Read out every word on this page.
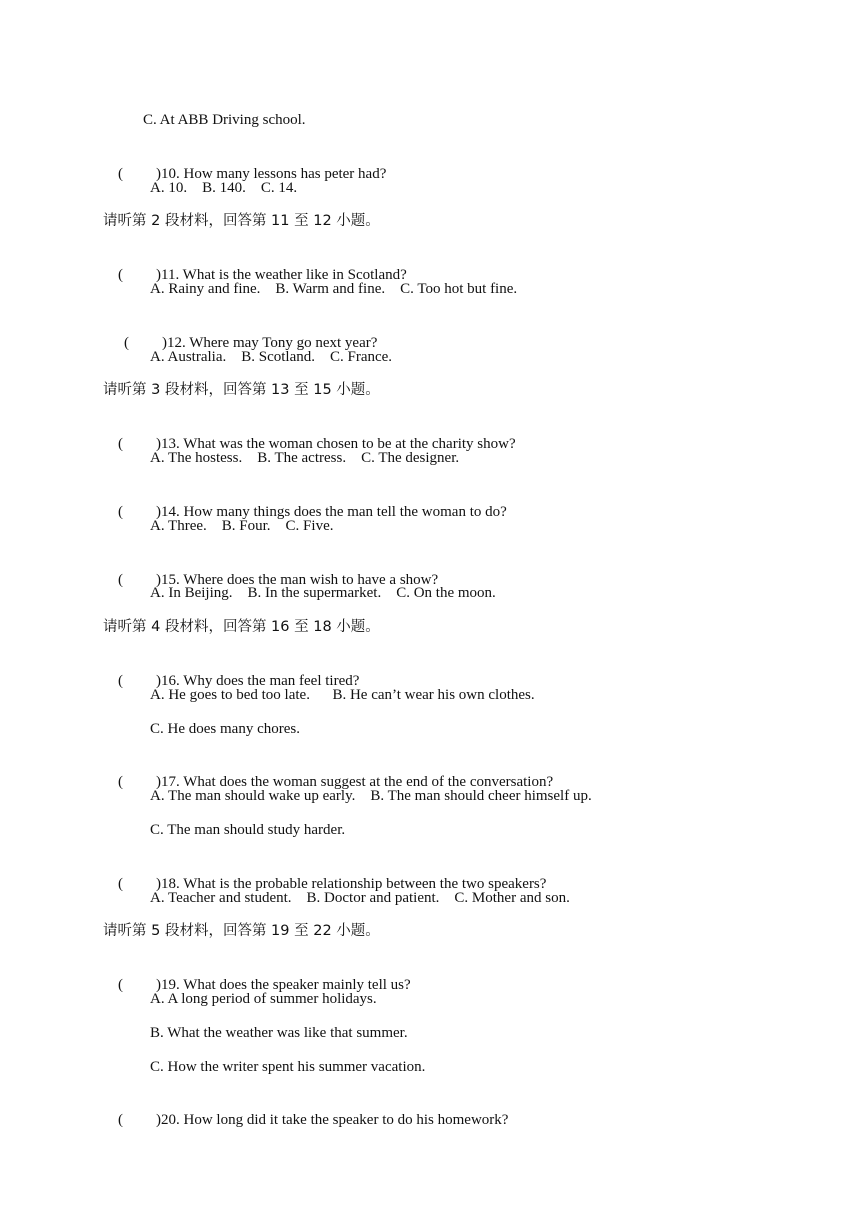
C. At ABB Driving school.

( )10. How many lessons has peter had?

A. 10.    B. 140.    C. 14.
请听第 2 段材料，回答第 11 至 12 小题。

( )11. What is the weather like in Scotland?

A. Rainy and fine.    B. Warm and fine.    C. Too hot but fine.

( )12. Where may Tony go next year?

A. Australia.    B. Scotland.    C. France.
请听第 3 段材料，回答第 13 至 15 小题。

( )13. What was the woman chosen to be at the charity show?

A. The hostess.    B. The actress.    C. The designer.

( )14. How many things does the man tell the woman to do?

A. Three.    B. Four.    C. Five.

( )15. Where does the man wish to have a show?

A. In Beijing.    B. In the supermarket.    C. On the moon.
请听第 4 段材料，回答第 16 至 18 小题。

( )16. Why does the man feel tired?

A. He goes to bed too late.      B. He can’t wear his own clothes.
C. He does many chores.

( )17. What does the woman suggest at the end of the conversation?

A. The man should wake up early.    B. The man should cheer himself up.
C. The man should study harder.

( )18. What is the probable relationship between the two speakers?

A. Teacher and student.    B. Doctor and patient.    C. Mother and son.
请听第 5 段材料，回答第 19 至 22 小题。

( )19. What does the speaker mainly tell us?

A. A long period of summer holidays.
B. What the weather was like that summer.
C. How the writer spent his summer vacation.

( )20. How long did it take the speaker to do his homework?
